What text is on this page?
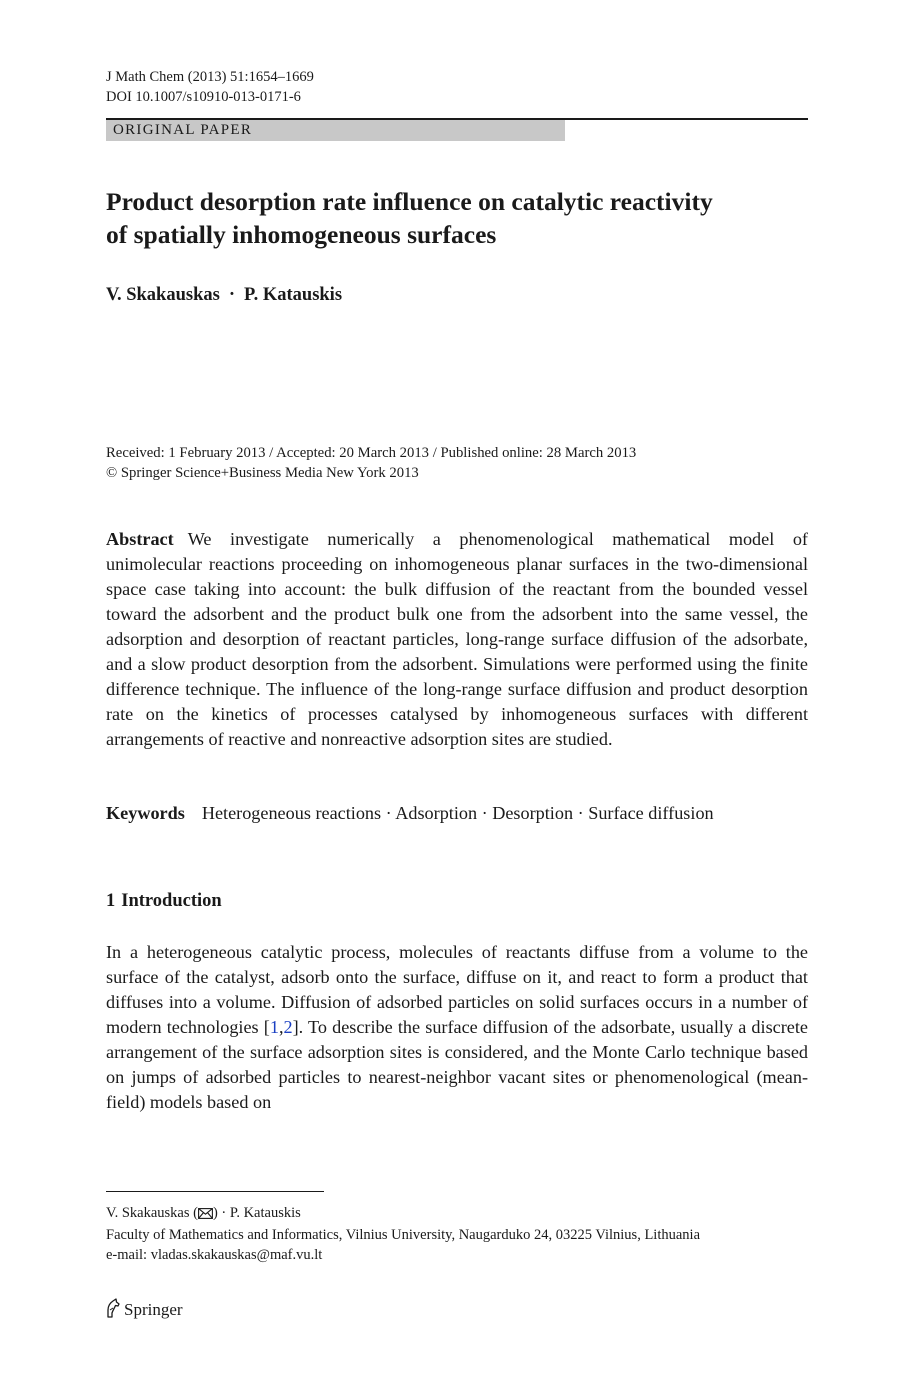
J Math Chem (2013) 51:1654–1669
DOI 10.1007/s10910-013-0171-6
ORIGINAL PAPER
Product desorption rate influence on catalytic reactivity
of spatially inhomogeneous surfaces
V. Skakauskas · P. Katauskis
Received: 1 February 2013 / Accepted: 20 March 2013 / Published online: 28 March 2013
© Springer Science+Business Media New York 2013
Abstract We investigate numerically a phenomenological mathematical model of unimolecular reactions proceeding on inhomogeneous planar surfaces in the two-dimensional space case taking into account: the bulk diffusion of the reactant from the bounded vessel toward the adsorbent and the product bulk one from the adsorbent into the same vessel, the adsorption and desorption of reactant particles, long-range surface diffusion of the adsorbate, and a slow product desorption from the adsorbent. Simulations were performed using the finite difference technique. The influence of the long-range surface diffusion and product desorption rate on the kinetics of processes catalysed by inhomogeneous surfaces with different arrangements of reactive and nonreactive adsorption sites are studied.
Keywords Heterogeneous reactions · Adsorption · Desorption · Surface diffusion
1 Introduction
In a heterogeneous catalytic process, molecules of reactants diffuse from a volume to the surface of the catalyst, adsorb onto the surface, diffuse on it, and react to form a product that diffuses into a volume. Diffusion of adsorbed particles on solid surfaces occurs in a number of modern technologies [1,2]. To describe the surface diffusion of the adsorbate, usually a discrete arrangement of the surface adsorption sites is considered, and the Monte Carlo technique based on jumps of adsorbed particles to nearest-neighbor vacant sites or phenomenological (mean-field) models based on
V. Skakauskas ( ) · P. Katauskis
Faculty of Mathematics and Informatics, Vilnius University, Naugarduko 24, 03225 Vilnius, Lithuania
e-mail: vladas.skakauskas@maf.vu.lt
Springer
